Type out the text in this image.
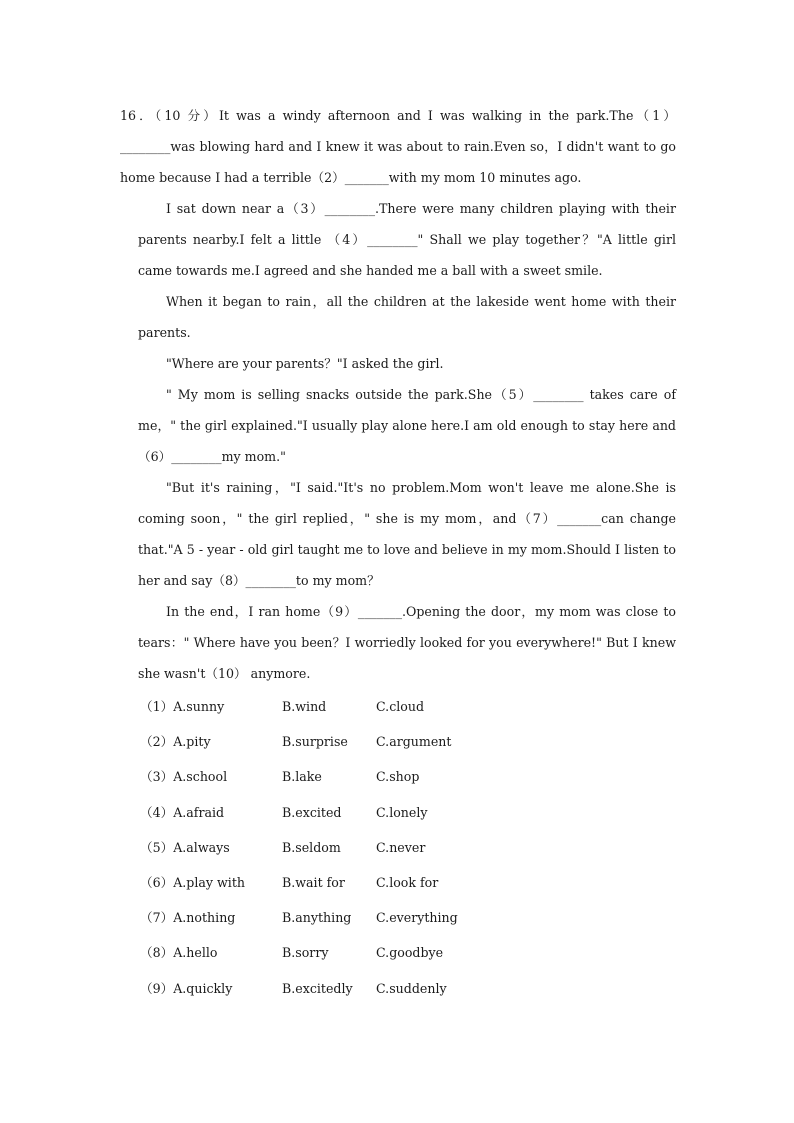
16．（10 分）It was a windy afternoon and I was walking in the park.The（1）________was blowing hard and I knew it was about to rain.Even so，I didn't want to go home because I had a terrible（2）_______with my mom 10 minutes ago.

I sat down near a（3）________.There were many children playing with their parents nearby.I felt a little （4）________" Shall we play together？"A little girl came towards me.I agreed and she handed me a ball with a sweet smile.

When it began to rain，all the children at the lakeside went home with their parents.

"Where are your parents？"I asked the girl.

" My mom is selling snacks outside the park.She（5）________ takes care of me，" the girl explained."I usually play alone here.I am old enough to stay here and（6）________my mom."

"But it's raining，"I said."It's no problem.Mom won't leave me alone.She is coming soon，" the girl replied，" she is my mom，and（7）_______can change that."A 5 - year - old girl taught me to love and believe in my mom.Should I listen to her and say（8）________to my mom？

In the end，I ran home（9）_______.Opening the door，my mom was close to tears：" Where have you been？I worriedly looked for you everywhere!" But I knew she wasn't（10） anymore.

（1）A.sunny	B.wind	C.cloud
（2）A.pity	B.surprise C.argument
（3）A.school	B.lake	C.shop
（4）A.afraid	B.excited	C.lonely
（5）A.always	B.seldom	C.never
（6）A.play with	B.wait for C.look for
（7）A.nothing	B.anything C.everything
（8）A.hello	B.sorry	C.goodbye
（9）A.quickly	B.excitedly C.suddenly
